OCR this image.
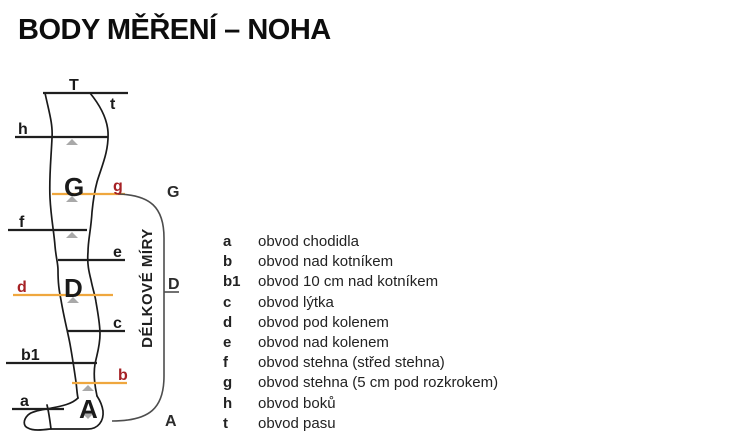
BODY MĚŘENÍ – NOHA
T
t
h
G g	G
f
e
d D	D
c
b1
b
a A	A
DÉLKOVÉ MÍRY	a	obvod chodidla
b	obvod nad kotníkem
b1	obvod 10 cm nad kotníkem
c	obvod lýtka
d	obvod pod kolenem
e	obvod nad kolenem
f	obvod stehna (střed stehna)
g	obvod stehna (5 cm pod rozkrokem)
h	obvod boků
t	obvod pasu
